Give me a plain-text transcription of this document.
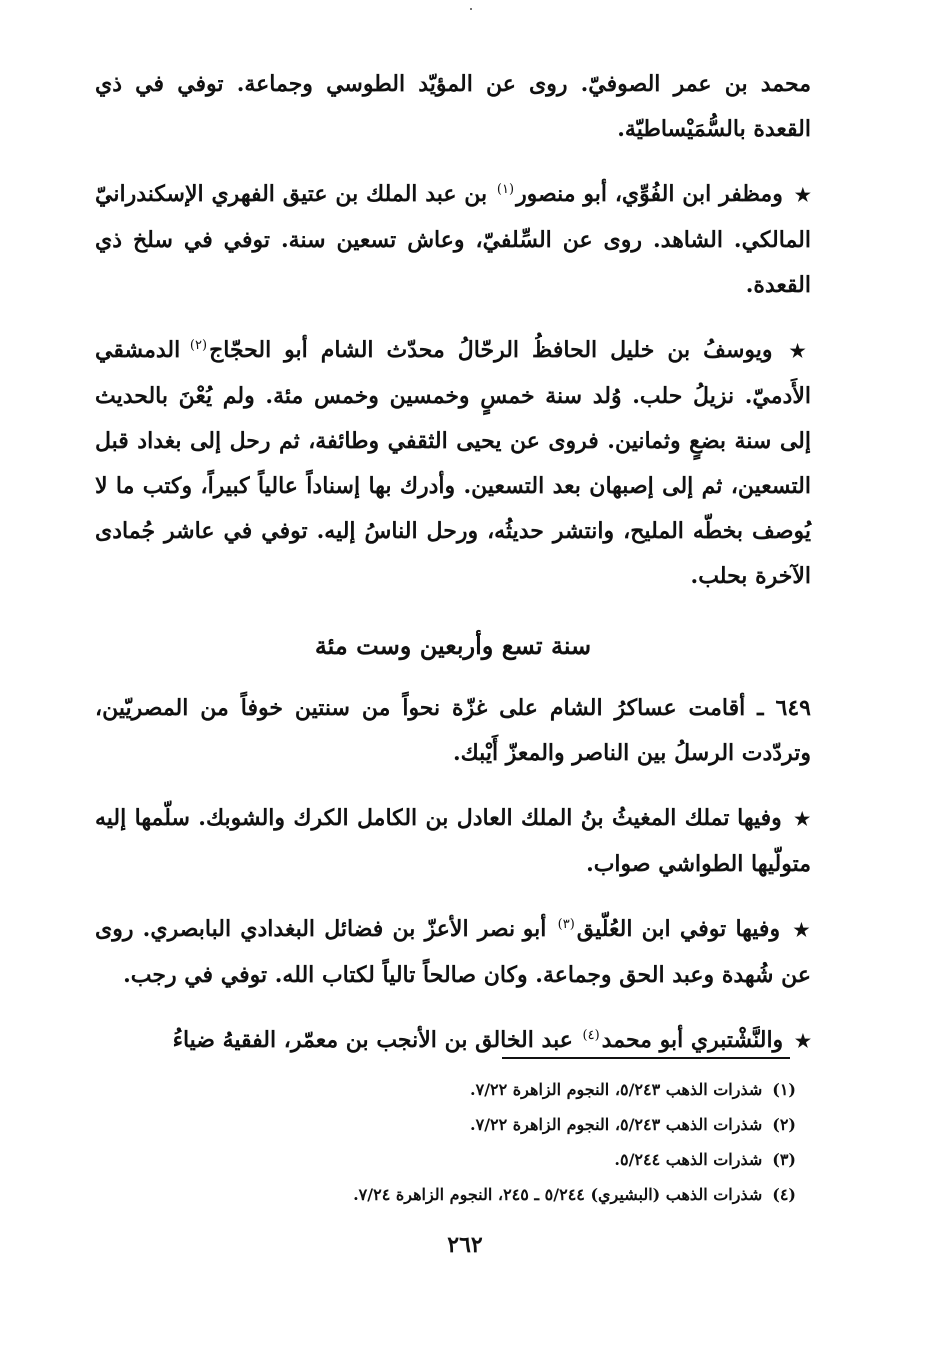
محمد بن عمر الصوفيّ. روى عن المؤيّد الطوسي وجماعة. توفي في ذي القعدة بالسُّمَيْساطيّة.

★ ومظفر ابن الفُوِّي، أبو منصور$^{(١)}$ بن عبد الملك بن عتيق الفهري الإسكندرانيّ المالكي. الشاهد. روى عن السِّلفيّ، وعاش تسعين سنة. توفي في سلخ ذي القعدة.

★ ويوسفُ بن خليل الحافظُ الرحّالُ محدّث الشام أبو الحجّاج$^{(٢)}$ الدمشقي الأَدميّ. نزيلُ حلب. وُلد سنة خمسٍ وخمسين وخمس مئة. ولم يُعْنَ بالحديث إلى سنة بضعٍ وثمانين. فروى عن يحيى الثقفي وطائفة، ثم رحل إلى بغداد قبل التسعين، ثم إلى إصبهان بعد التسعين. وأدرك بها إسناداً عالياً كبيراً، وكتب ما لا يُوصف بخطّه المليح، وانتشر حديثُه، ورحل الناسُ إليه. توفي في عاشر جُمادى الآخرة بحلب.

سنة تسع وأربعين وست مئة

٦٤٩ ـ أقامت عساكرُ الشام على غزّة نحواً من سنتين خوفاً من المصريّين، وتردّدت الرسلُ بين الناصر والمعزّ أَيْبك.

★ وفيها تملك المغيثُ بنُ الملك العادل بن الكامل الكرك والشوبك. سلّمها إليه متولّيها الطواشي صواب.

★ وفيها توفي ابن العُلّيق$^{(٣)}$ أبو نصر الأعزّ بن فضائل البغدادي البابصري. روى عن شُهدة وعبد الحق وجماعة. وكان صالحاً تالياً لكتاب الله. توفي في رجب.

★ والنَّشْتبري أبو محمد$^{(٤)}$ عبد الخالق بن الأنجب بن معمّر، الفقيهُ ضياءُ

(١)شذرات الذهب ٥/٢٤٣، النجوم الزاهرة ٧/٢٢.
(٢)شذرات الذهب ٥/٢٤٣، النجوم الزاهرة ٧/٢٢.
(٣)شذرات الذهب ٥/٢٤٤.
(٤)شذرات الذهب (البشيري) ٥/٢٤٤ ـ ٢٤٥، النجوم الزاهرة ٧/٢٤.
٢٦٢
